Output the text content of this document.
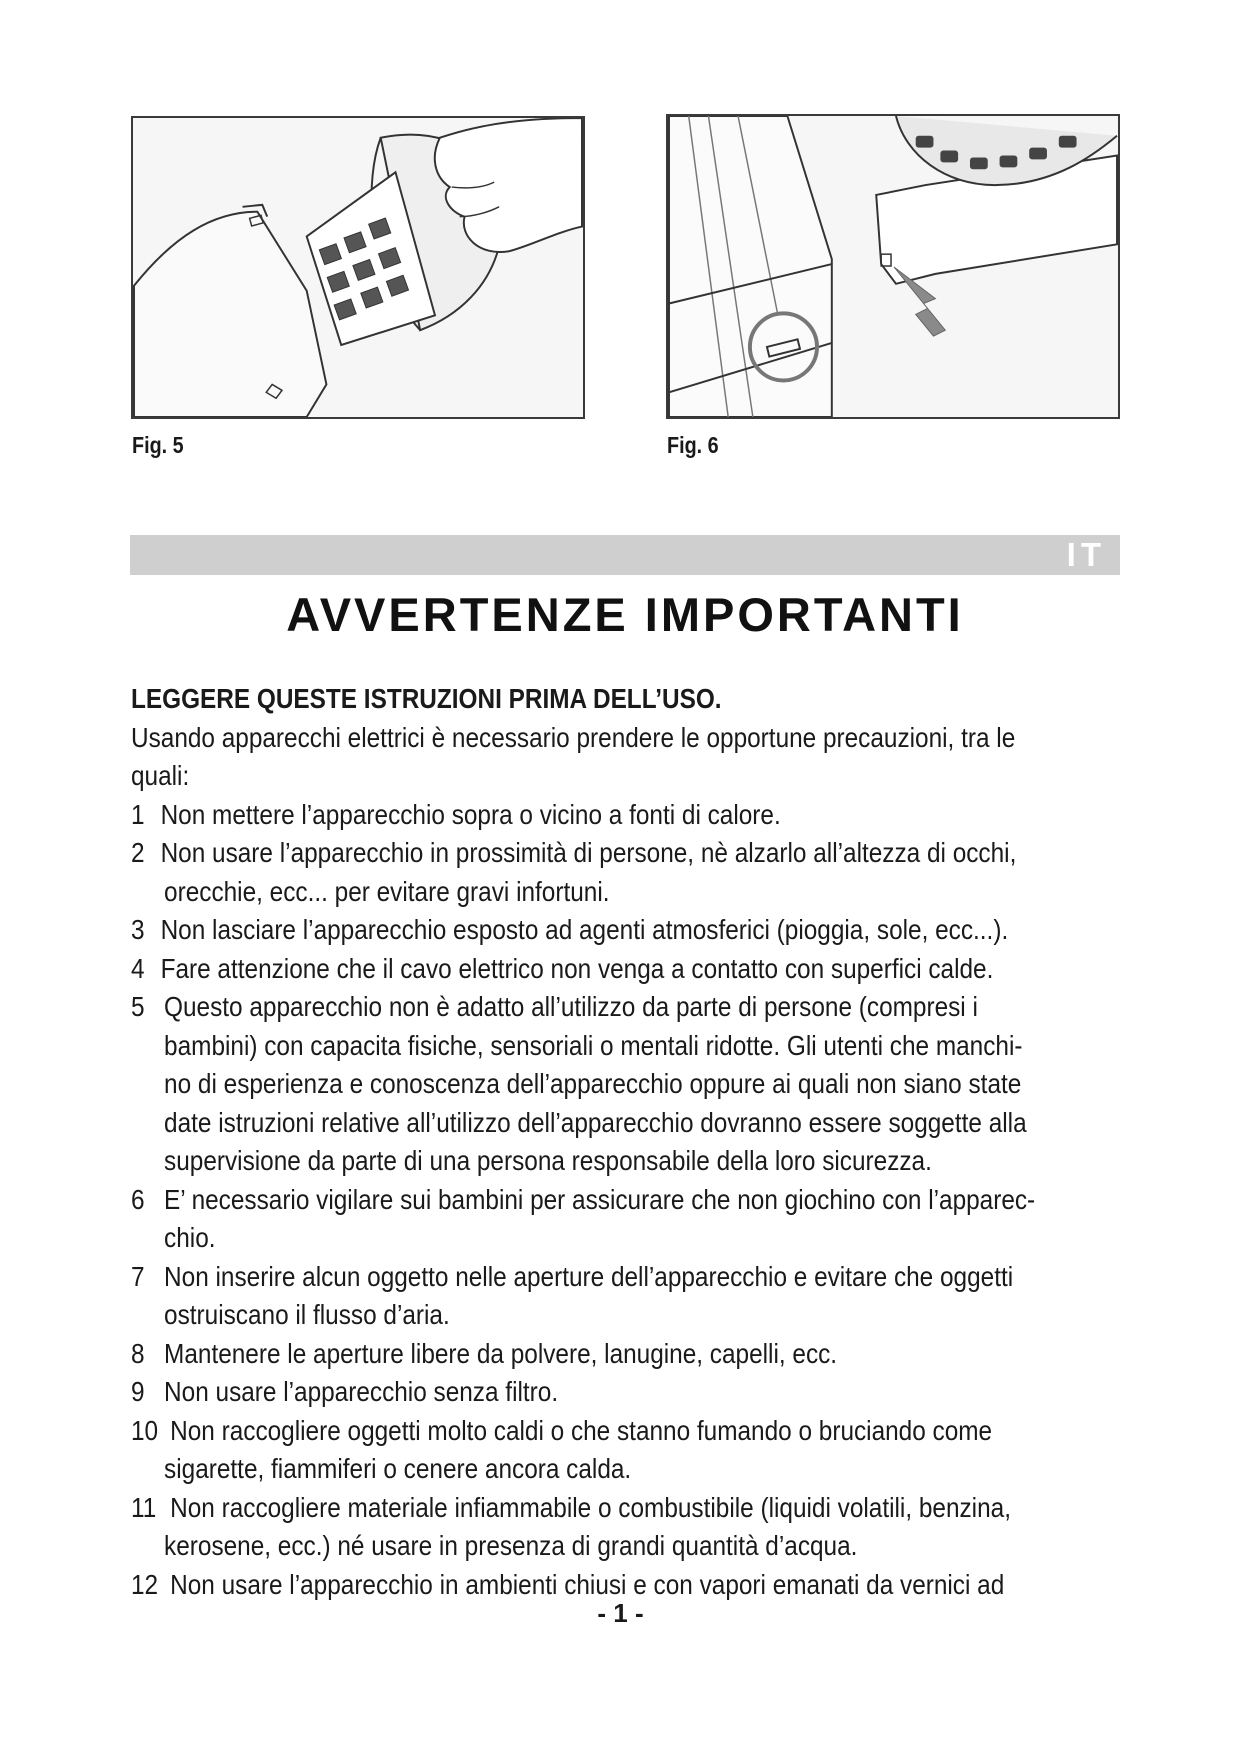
Fig. 5	Fig. 6
IT
AVVERTENZE IMPORTANTI

LEGGERE QUESTE ISTRUZIONI PRIMA DELL’USO.

Usando apparecchi elettrici è necessario prendere le opportune precauzioni, tra le
quali:

1 Non mettere l’apparecchio sopra o vicino a fonti di calore.
2 Non usare l’apparecchio in prossimità di persone, nè alzarlo all’altezza di occhi,
orecchie, ecc... per evitare gravi infortuni.
3 Non lasciare l’apparecchio esposto ad agenti atmosferici (pioggia, sole, ecc...).
4 Fare attenzione che il cavo elettrico non venga a contatto con superfici calde.
5 Questo apparecchio non è adatto all’utilizzo da parte di persone (compresi i
bambini) con capacita fisiche, sensoriali o mentali ridotte. Gli utenti che manchi-
no di esperienza e conoscenza dell’apparecchio oppure ai quali non siano state
date istruzioni relative all’utilizzo dell’apparecchio dovranno essere soggette alla
supervisione da parte di una persona responsabile della loro sicurezza.
6 E’ necessario vigilare sui bambini per assicurare che non giochino con l’apparec-
chio.
7 Non inserire alcun oggetto nelle aperture dell’apparecchio e evitare che oggetti
ostruiscano il flusso d’aria.
8 Mantenere le aperture libere da polvere, lanugine, capelli, ecc.
9 Non usare l’apparecchio senza filtro.
10 Non raccogliere oggetti molto caldi o che stanno fumando o bruciando come
sigarette, fiammiferi o cenere ancora calda.
11 Non raccogliere materiale infiammabile o combustibile (liquidi volatili, benzina,
kerosene, ecc.) né usare in presenza di grandi quantità d’acqua.
12 Non usare l’apparecchio in ambienti chiusi e con vapori emanati da vernici ad
- 1 -
